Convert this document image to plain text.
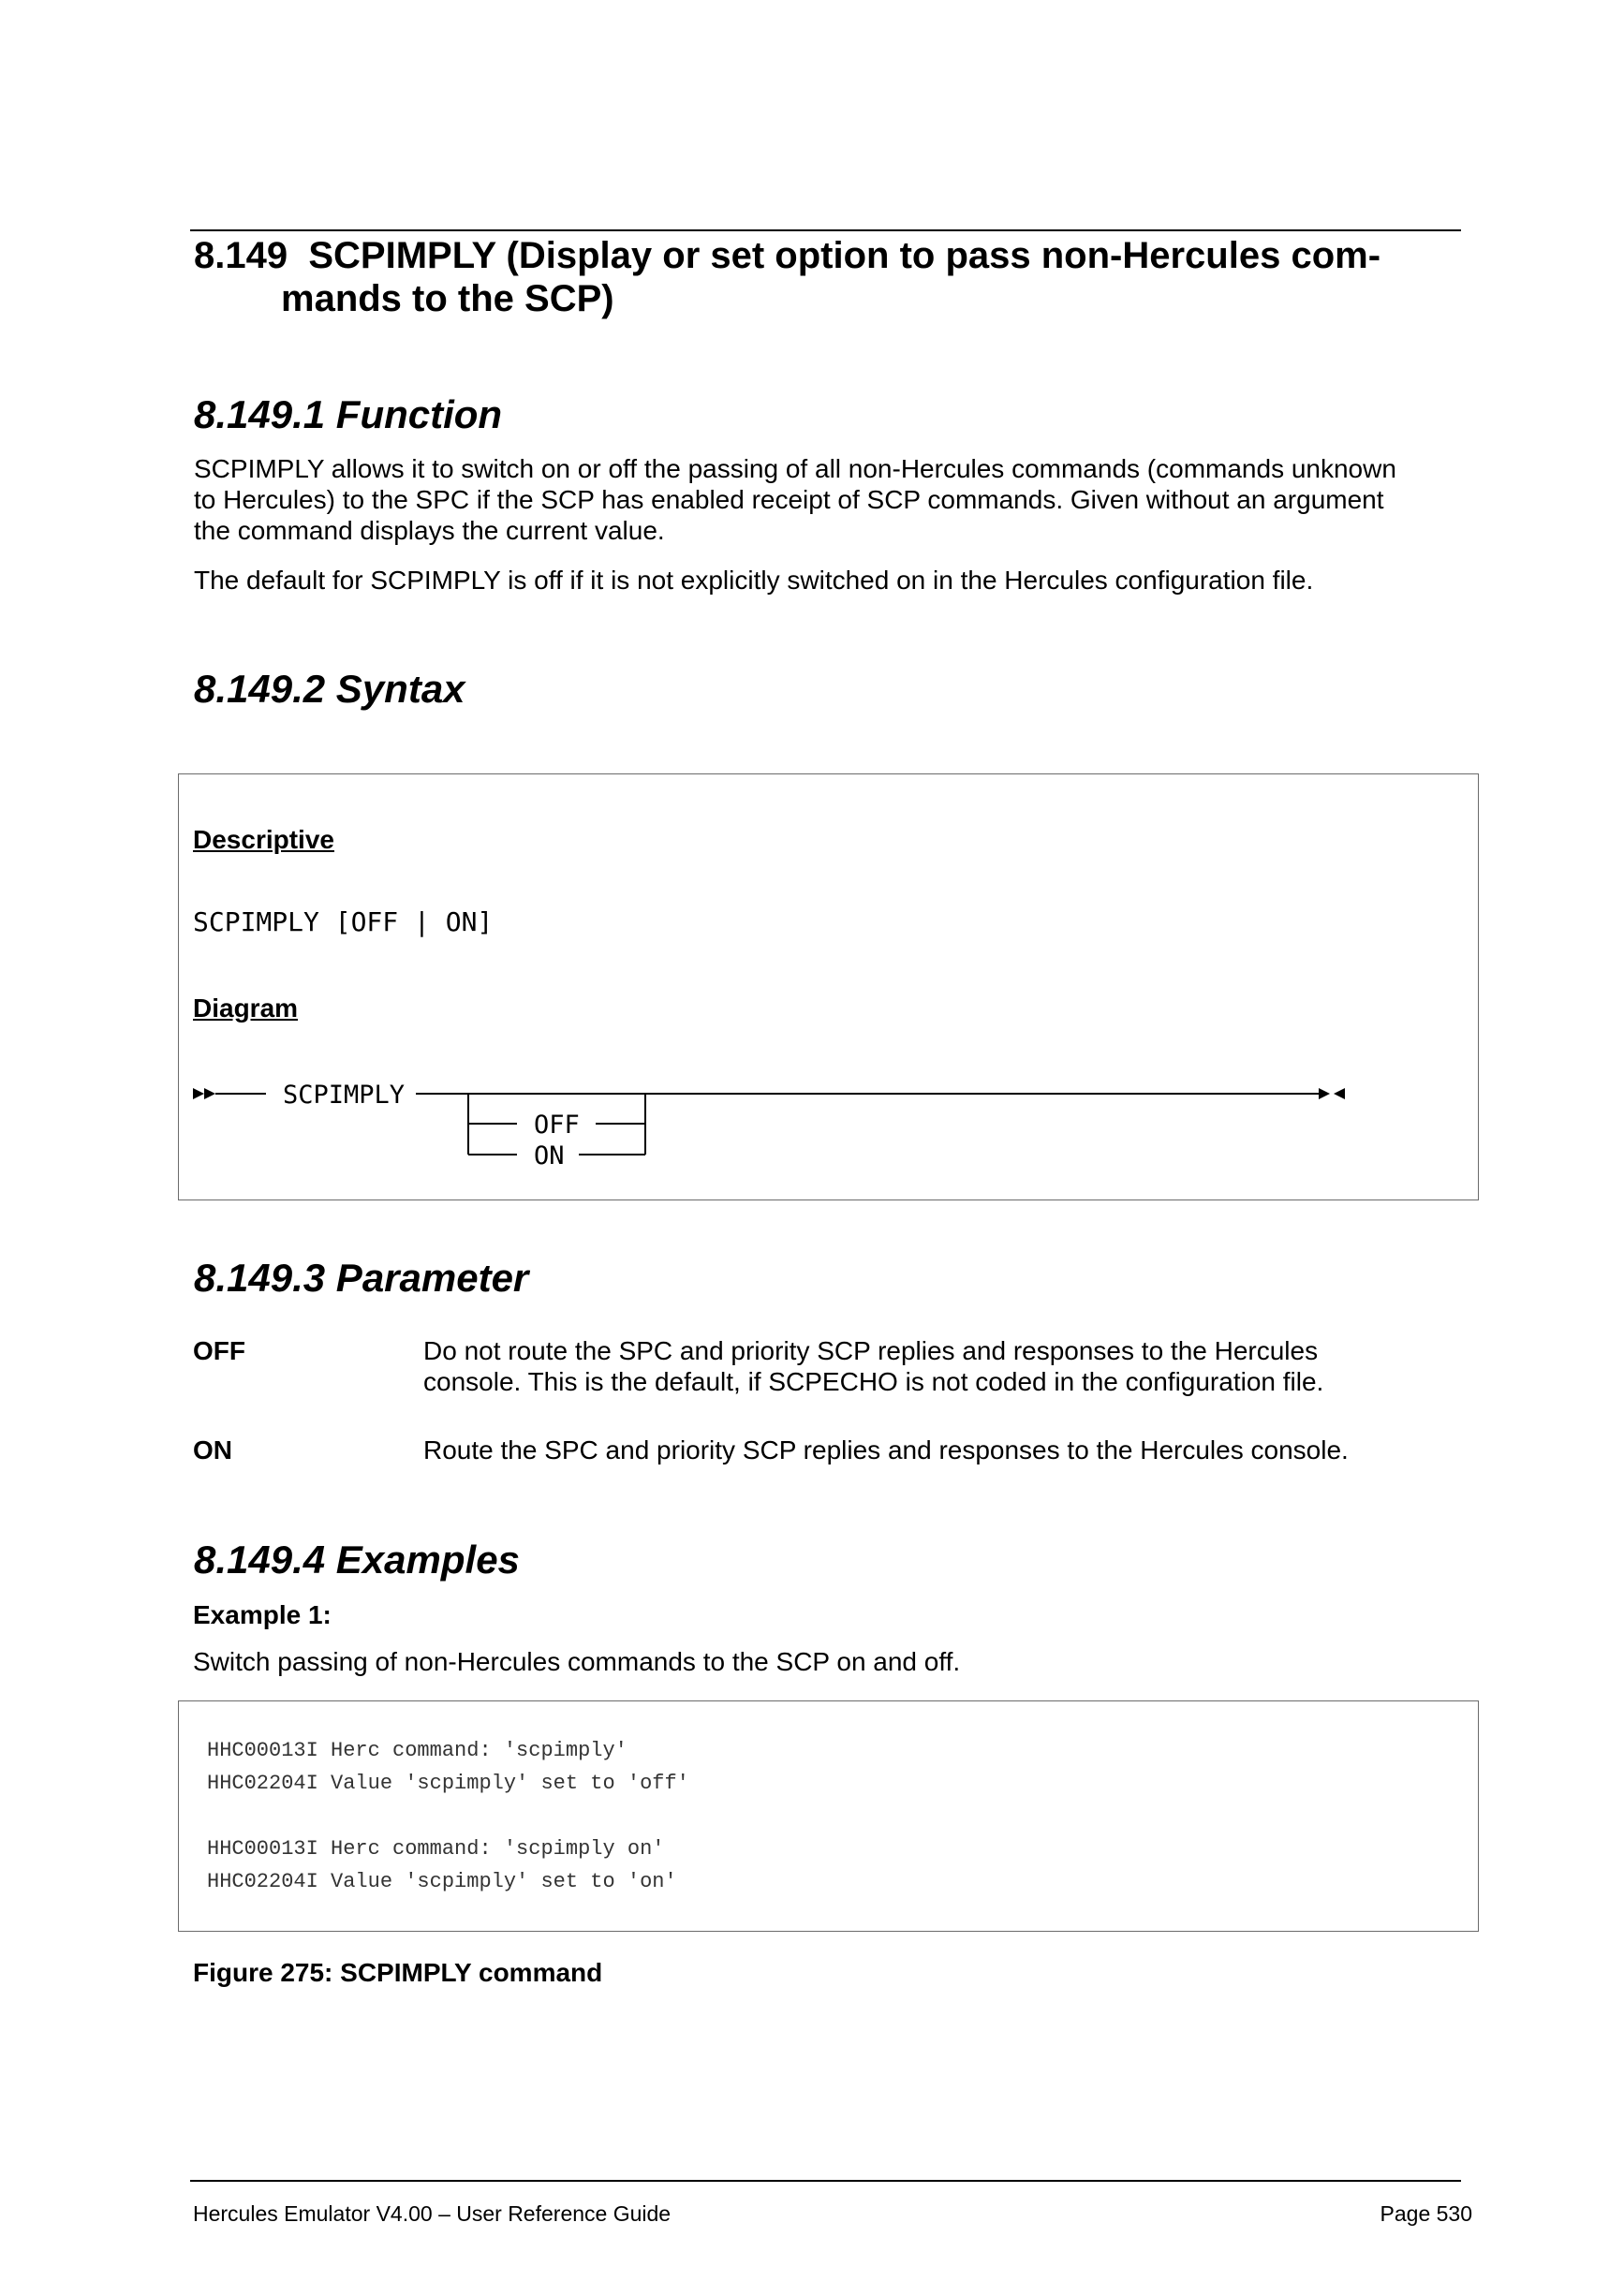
8.149 SCPIMPLY (Display or set option to pass non-Hercules com-
mands to the SCP)
8.149.1 Function
SCPIMPLY allows it to switch on or off the passing of all non-Hercules commands (commands unknown
to Hercules) to the SPC if the SCP has enabled receipt of SCP commands. Given without an argument
the command displays the current value.

The default for SCPIMPLY is off if it is not explicitly switched on in the Hercules configuration file.

8.149.2 Syntax
Descriptive
SCPIMPLY [OFF | ON]
Diagram
SCPIMPLY
OFF
ON
8.149.3 Parameter
OFF	Do not route the SPC and priority SCP replies and responses to the Hercules
console. This is the default, if SCPECHO is not coded in the configuration file.
ON	Route the SPC and priority SCP replies and responses to the Hercules console.
8.149.4 Examples
Example 1:
Switch passing of non-Hercules commands to the SCP on and off.
HHC00013I Herc command: 'scpimply'
HHC02204I Value 'scpimply' set to 'off'
HHC00013I Herc command: 'scpimply on'
HHC02204I Value 'scpimply' set to 'on'
Figure 275: SCPIMPLY command
Hercules Emulator V4.00 – User Reference Guide	Page 530
